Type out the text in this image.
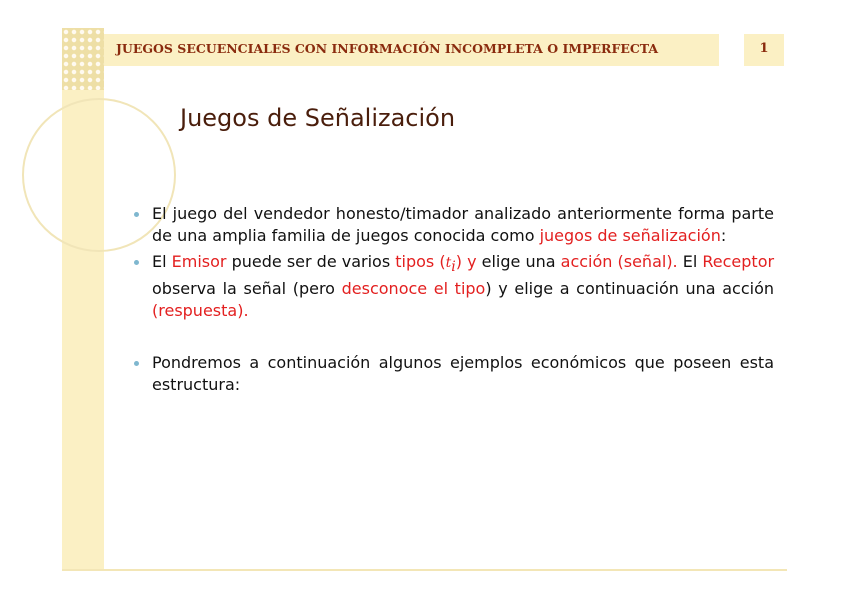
JUEGOS SECUENCIALES CON INFORMACIÓN INCOMPLETA O IMPERFECTA	1
Juegos de Señalización
El juego del vendedor honesto/timador analizado anteriormente forma parte de una amplia familia de juegos conocida como juegos de señalización:
El Emisor puede ser de varios tipos $(t_i)$ y elige una acción (señal). El Receptor observa la señal (pero desconoce el tipo) y elige a continuación una acción (respuesta).
Pondremos a continuación algunos ejemplos económicos que poseen esta estructura:
